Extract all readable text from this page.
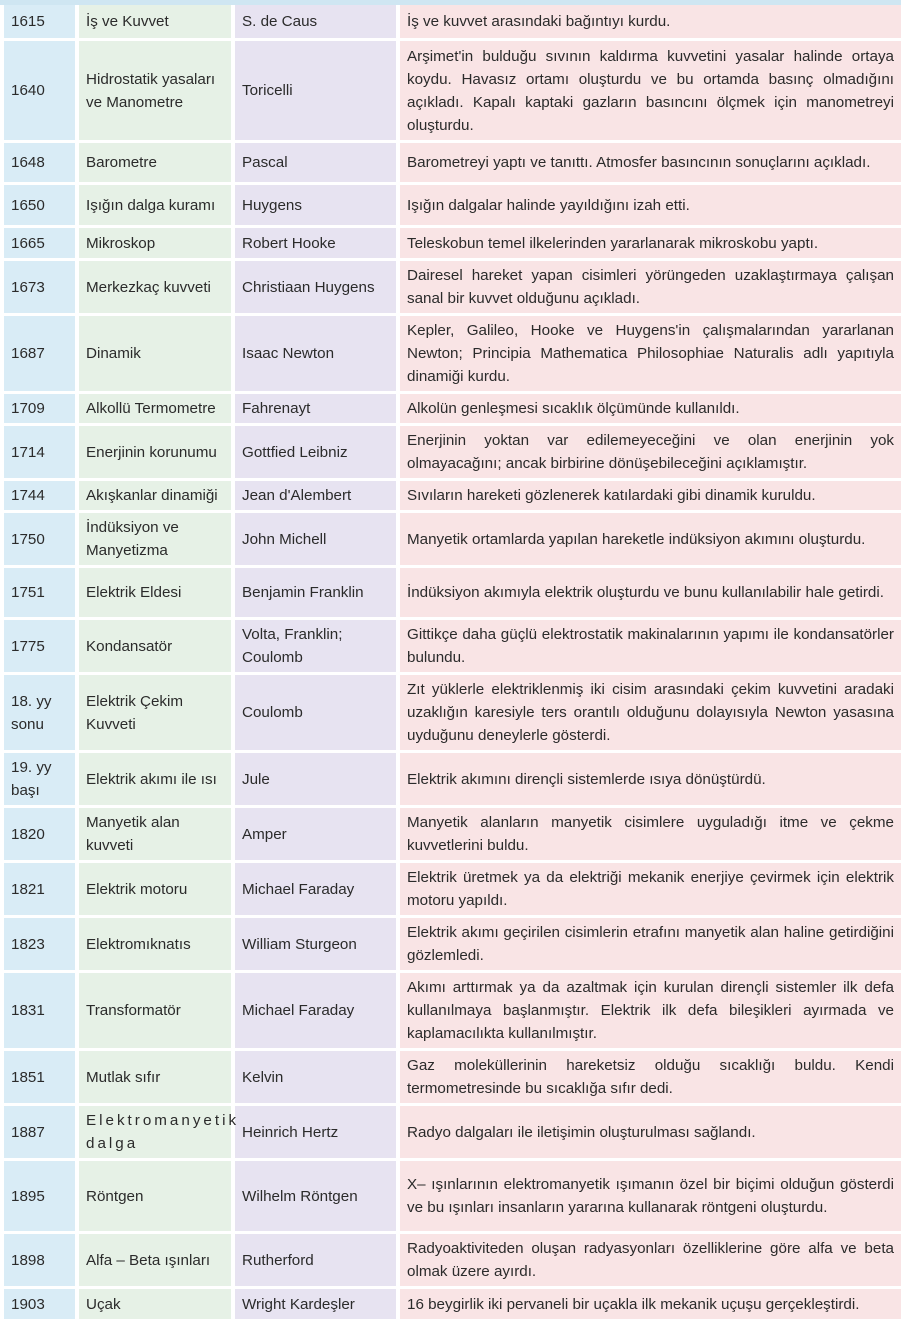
1615	İş ve Kuvvet	S. de Caus	İş ve kuvvet arasındaki bağıntıyı kurdu.
1640	Hidrostatik yasaları ve Manometre	Toricelli	Arşimet'in bulduğu sıvının kaldırma kuvvetini yasalar halinde ortaya koydu. Havasız ortamı oluşturdu ve bu ortamda basınç olmadığını açıkladı. Kapalı kaptaki gazların basıncını ölçmek için manometreyi oluşturdu.
1648	Barometre	Pascal	Barometreyi yaptı ve tanıttı. Atmosfer basıncının sonuçlarını açıkladı.
1650	Işığın dalga kuramı	Huygens	Işığın dalgalar halinde yayıldığını izah etti.
1665	Mikroskop	Robert Hooke	Teleskobun temel ilkelerinden yararlanarak mikroskobu yaptı.
1673	Merkezkaç kuvveti	Christiaan Huygens	Dairesel hareket yapan cisimleri yörüngeden uzaklaştırmaya çalışan sanal bir kuvvet olduğunu açıkladı.
1687	Dinamik	Isaac Newton	Kepler, Galileo, Hooke ve Huygens'in çalışmalarından yararlanan Newton; Principia Mathematica Philosophiae Naturalis adlı yapıtıyla dinamiği kurdu.
1709	Alkollü Termometre	Fahrenayt	Alkolün genleşmesi sıcaklık ölçümünde kullanıldı.
1714	Enerjinin korunumu	Gottfied Leibniz	Enerjinin yoktan var edilemeyeceğini ve olan enerjinin yok olmayacağını; ancak birbirine dönüşebileceğini açıklamıştır.
1744	Akışkanlar dinamiği	Jean d'Alembert	Sıvıların hareketi gözlenerek katılardaki gibi dinamik kuruldu.
1750	İndüksiyon ve Manyetizma	John Michell	Manyetik ortamlarda yapılan hareketle indüksiyon akımını oluşturdu.
1751	Elektrik Eldesi	Benjamin Franklin	İndüksiyon akımıyla elektrik oluşturdu ve bunu kullanılabilir hale getirdi.
1775	Kondansatör	Volta, Franklin; Coulomb	Gittikçe daha güçlü elektrostatik makinalarının yapımı ile kondansatörler bulundu.
18. yy sonu	Elektrik Çekim Kuvveti	Coulomb	Zıt yüklerle elektriklenmiş iki cisim arasındaki çekim kuvvetini aradaki uzaklığın karesiyle ters orantılı olduğunu dolayısıyla Newton yasasına uyduğunu deneylerle gösterdi.
19. yy başı	Elektrik akımı ile ısı	Jule	Elektrik akımını dirençli sistemlerde ısıya dönüştürdü.
1820	Manyetik alan kuvveti	Amper	Manyetik alanların manyetik cisimlere uyguladığı itme ve çekme kuvvetlerini buldu.
1821	Elektrik motoru	Michael Faraday	Elektrik üretmek ya da elektriği mekanik enerjiye çevirmek için elektrik motoru yapıldı.
1823	Elektromıknatıs	William Sturgeon	Elektrik akımı geçirilen cisimlerin etrafını manyetik alan haline getirdiğini gözlemledi.
1831	Transformatör	Michael Faraday	Akımı arttırmak ya da azaltmak için kurulan dirençli sistemler ilk defa kullanılmaya başlanmıştır. Elektrik ilk defa bileşikleri ayırmada ve kaplamacılıkta kullanılmıştır.
1851	Mutlak sıfır	Kelvin	Gaz moleküllerinin hareketsiz olduğu sıcaklığı buldu. Kendi termometresinde bu sıcaklığa sıfır dedi.
1887	Elektromanyetik dalga	Heinrich Hertz	Radyo dalgaları ile iletişimin oluşturulması sağlandı.
1895	Röntgen	Wilhelm Röntgen	X– ışınlarının elektromanyetik ışımanın özel bir biçimi olduğun gösterdi ve bu ışınları insanların yararına kullanarak röntgeni oluşturdu.
1898	Alfa – Beta ışınları	Rutherford	Radyoaktiviteden oluşan radyasyonları özelliklerine göre alfa ve beta olmak üzere ayırdı.
1903	Uçak	Wright Kardeşler	16 beygirlik iki pervaneli bir uçakla ilk mekanik uçuşu gerçekleştirdi.
